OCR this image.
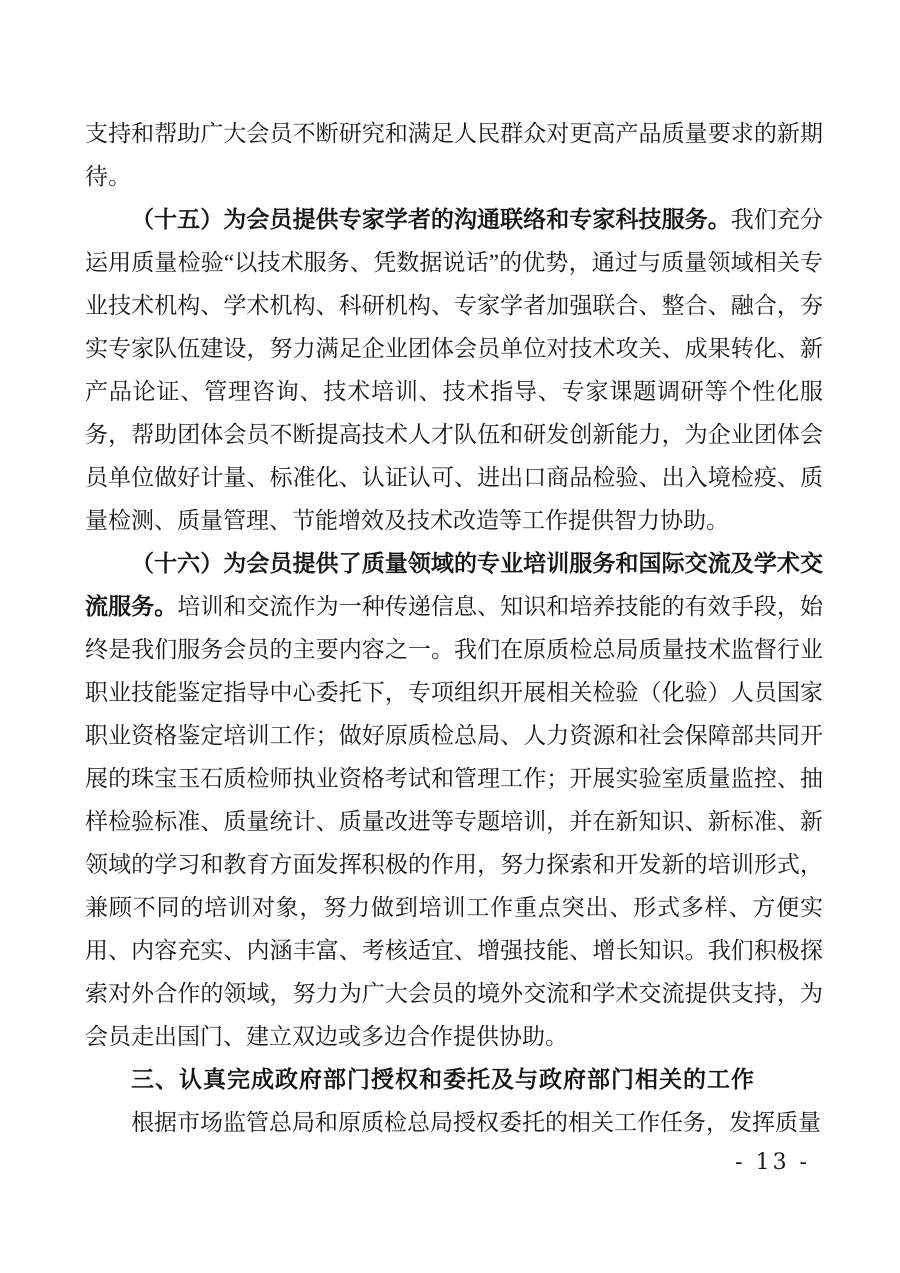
支持和帮助广大会员不断研究和满足人民群众对更高产品质量要求的新期待。

（十五）为会员提供专家学者的沟通联络和专家科技服务。我们充分运用质量检验“以技术服务、凭数据说话”的优势，通过与质量领域相关专业技术机构、学术机构、科研机构、专家学者加强联合、整合、融合，夯实专家队伍建设，努力满足企业团体会员单位对技术攻关、成果转化、新产品论证、管理咨询、技术培训、技术指导、专家课题调研等个性化服务，帮助团体会员不断提高技术人才队伍和研发创新能力，为企业团体会员单位做好计量、标准化、认证认可、进出口商品检验、出入境检疫、质量检测、质量管理、节能增效及技术改造等工作提供智力协助。

（十六）为会员提供了质量领域的专业培训服务和国际交流及学术交流服务。培训和交流作为一种传递信息、知识和培养技能的有效手段，始终是我们服务会员的主要内容之一。我们在原质检总局质量技术监督行业职业技能鉴定指导中心委托下，专项组织开展相关检验（化验）人员国家职业资格鉴定培训工作；做好原质检总局、人力资源和社会保障部共同开展的珠宝玉石质检师执业资格考试和管理工作；开展实验室质量监控、抽样检验标准、质量统计、质量改进等专题培训，并在新知识、新标准、新领域的学习和教育方面发挥积极的作用，努力探索和开发新的培训形式，兼顾不同的培训对象，努力做到培训工作重点突出、形式多样、方便实用、内容充实、内涵丰富、考核适宜、增强技能、增长知识。我们积极探索对外合作的领域，努力为广大会员的境外交流和学术交流提供支持，为会员走出国门、建立双边或多边合作提供协助。

三、认真完成政府部门授权和委托及与政府部门相关的工作

根据市场监管总局和原质检总局授权委托的相关工作任务，发挥质量

- 13 -
